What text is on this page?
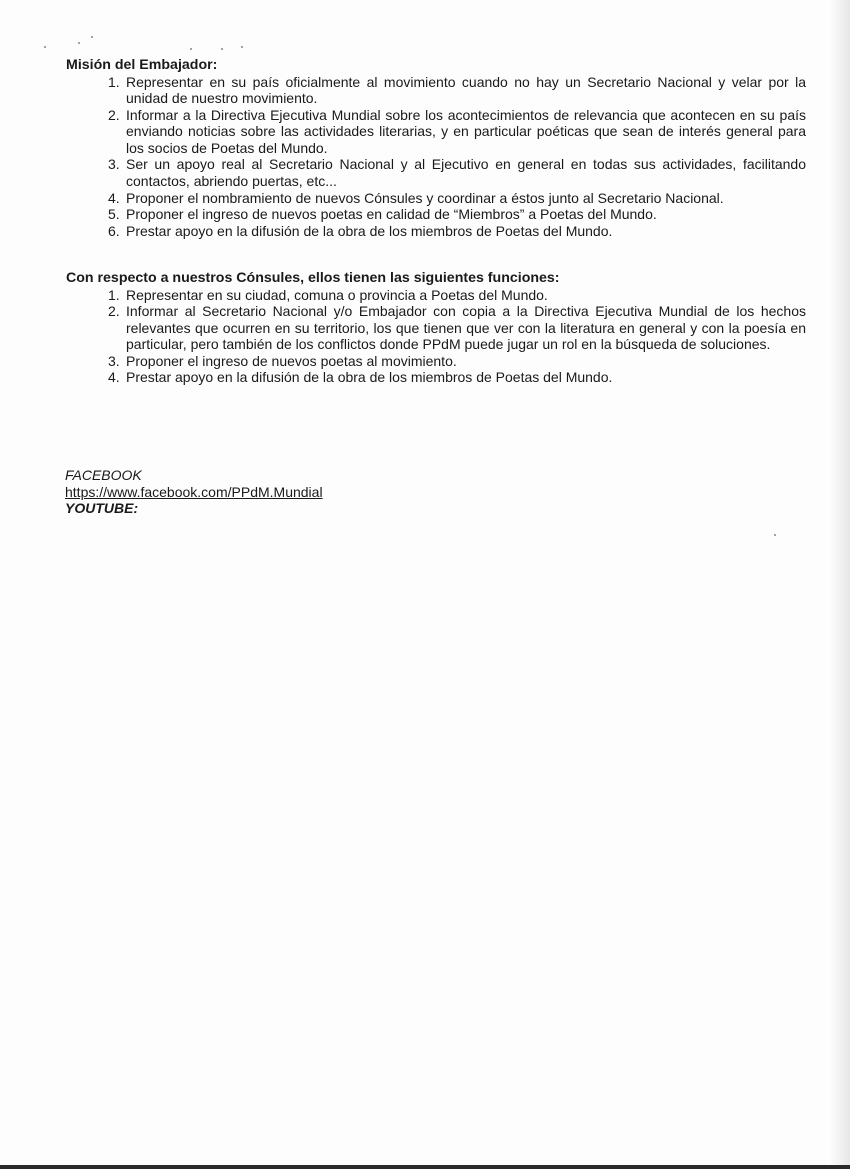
Misión del Embajador:

1. Representar en su país oficialmente al movimiento cuando no hay un Secretario Nacional y velar por la unidad de nuestro movimiento.
2. Informar a la Directiva Ejecutiva Mundial sobre los acontecimientos de relevancia que acontecen en su país enviando noticias sobre las actividades literarias, y en particular poéticas que sean de interés general para los socios de Poetas del Mundo.
3. Ser un apoyo real al Secretario Nacional y al Ejecutivo en general en todas sus actividades, facilitando contactos, abriendo puertas, etc...
4. Proponer el nombramiento de nuevos Cónsules y coordinar a éstos junto al Secretario Nacional.
5. Proponer el ingreso de nuevos poetas en calidad de “Miembros” a Poetas del Mundo.
6. Prestar apoyo en la difusión de la obra de los miembros de Poetas del Mundo.

Con respecto a nuestros Cónsules, ellos tienen las siguientes funciones:

1. Representar en su ciudad, comuna o provincia a Poetas del Mundo.
2. Informar al Secretario Nacional y/o Embajador con copia a la Directiva Ejecutiva Mundial de los hechos relevantes que ocurren en su territorio, los que tienen que ver con la literatura en general y con la poesía en particular, pero también de los conflictos donde PPdM puede jugar un rol en la búsqueda de soluciones.
3. Proponer el ingreso de nuevos poetas al movimiento.
4. Prestar apoyo en la difusión de la obra de los miembros de Poetas del Mundo.
FACEBOOK
https://www.facebook.com/PPdM.Mundial
YOUTUBE:
